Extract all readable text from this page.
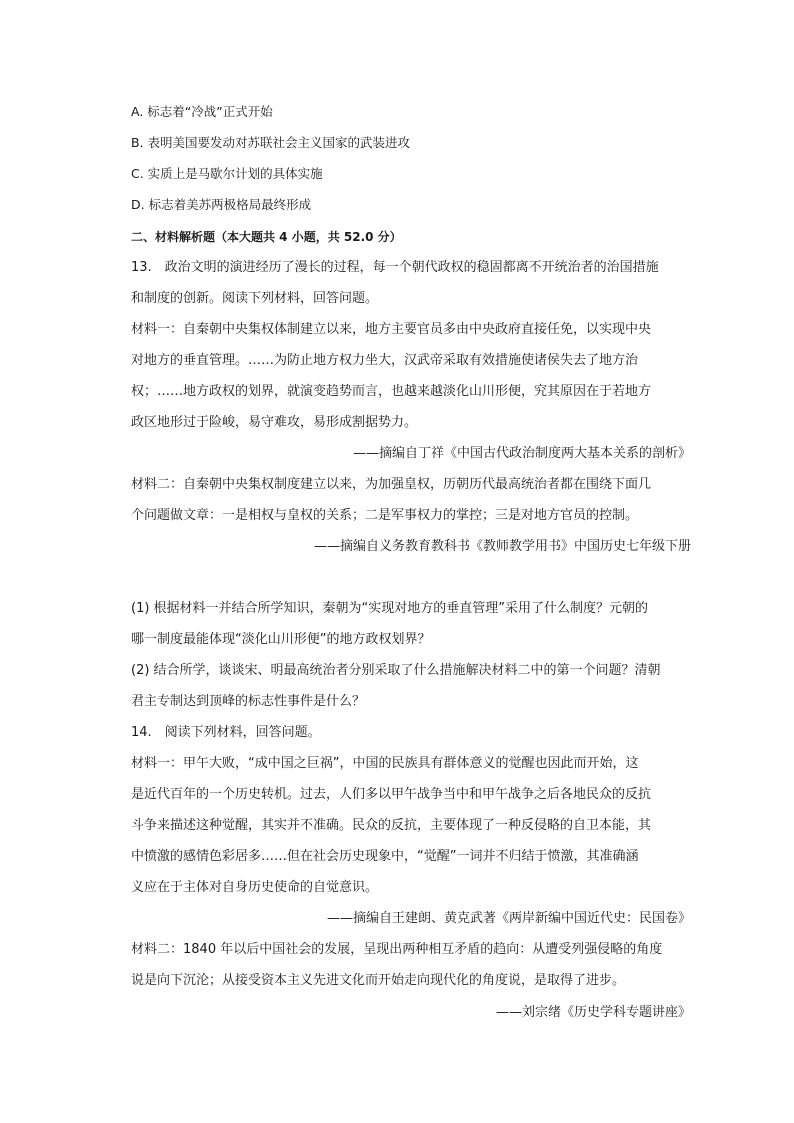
A. 标志着“冷战”正式开始
B. 表明美国要发动对苏联社会主义国家的武装进攻
C. 实质上是马歇尔计划的具体实施
D. 标志着美苏两极格局最终形成
二、材料解析题（本大题共 4 小题，共 52.0 分）
13.　政治文明的演进经历了漫长的过程，每一个朝代政权的稳固都离不开统治者的治国措施
和制度的创新。阅读下列材料，回答问题。
材料一：自秦朝中央集权体制建立以来，地方主要官员多由中央政府直接任免，以实现中央
对地方的垂直管理。……为防止地方权力坐大，汉武帝采取有效措施使诸侯失去了地方治
权；……地方政权的划界，就演变趋势而言，也越来越淡化山川形便，究其原因在于若地方
政区地形过于险峻，易守难攻，易形成割据势力。
——摘编自丁祥《中国古代政治制度两大基本关系的剖析》
材料二：自秦朝中央集权制度建立以来，为加强皇权，历朝历代最高统治者都在围绕下面几
个问题做文章：一是相权与皇权的关系；二是军事权力的掌控；三是对地方官员的控制。
——摘编自义务教育教科书《教师教学用书》中国历史七年级下册
(1) 根据材料一并结合所学知识，秦朝为“实现对地方的垂直管理”采用了什么制度？元朝的
哪一制度最能体现“淡化山川形便”的地方政权划界？
(2) 结合所学，谈谈宋、明最高统治者分别采取了什么措施解决材料二中的第一个问题？清朝
君主专制达到顶峰的标志性事件是什么？
14.　阅读下列材料，回答问题。
材料一：甲午大败，“成中国之巨祸”，中国的民族具有群体意义的觉醒也因此而开始，这
是近代百年的一个历史转机。过去，人们多以甲午战争当中和甲午战争之后各地民众的反抗
斗争来描述这种觉醒，其实并不准确。民众的反抗，主要体现了一种反侵略的自卫本能，其
中愤激的感情色彩居多……但在社会历史现象中，“觉醒”一词并不归结于愤激，其准确涵
义应在于主体对自身历史使命的自觉意识。
——摘编自王建朗、黄克武著《两岸新编中国近代史：民国卷》
材料二：1840 年以后中国社会的发展，呈现出两种相互矛盾的趋向：从遭受列强侵略的角度
说是向下沉沦；从接受资本主义先进文化而开始走向现代化的角度说，是取得了进步。
——刘宗绪《历史学科专题讲座》
